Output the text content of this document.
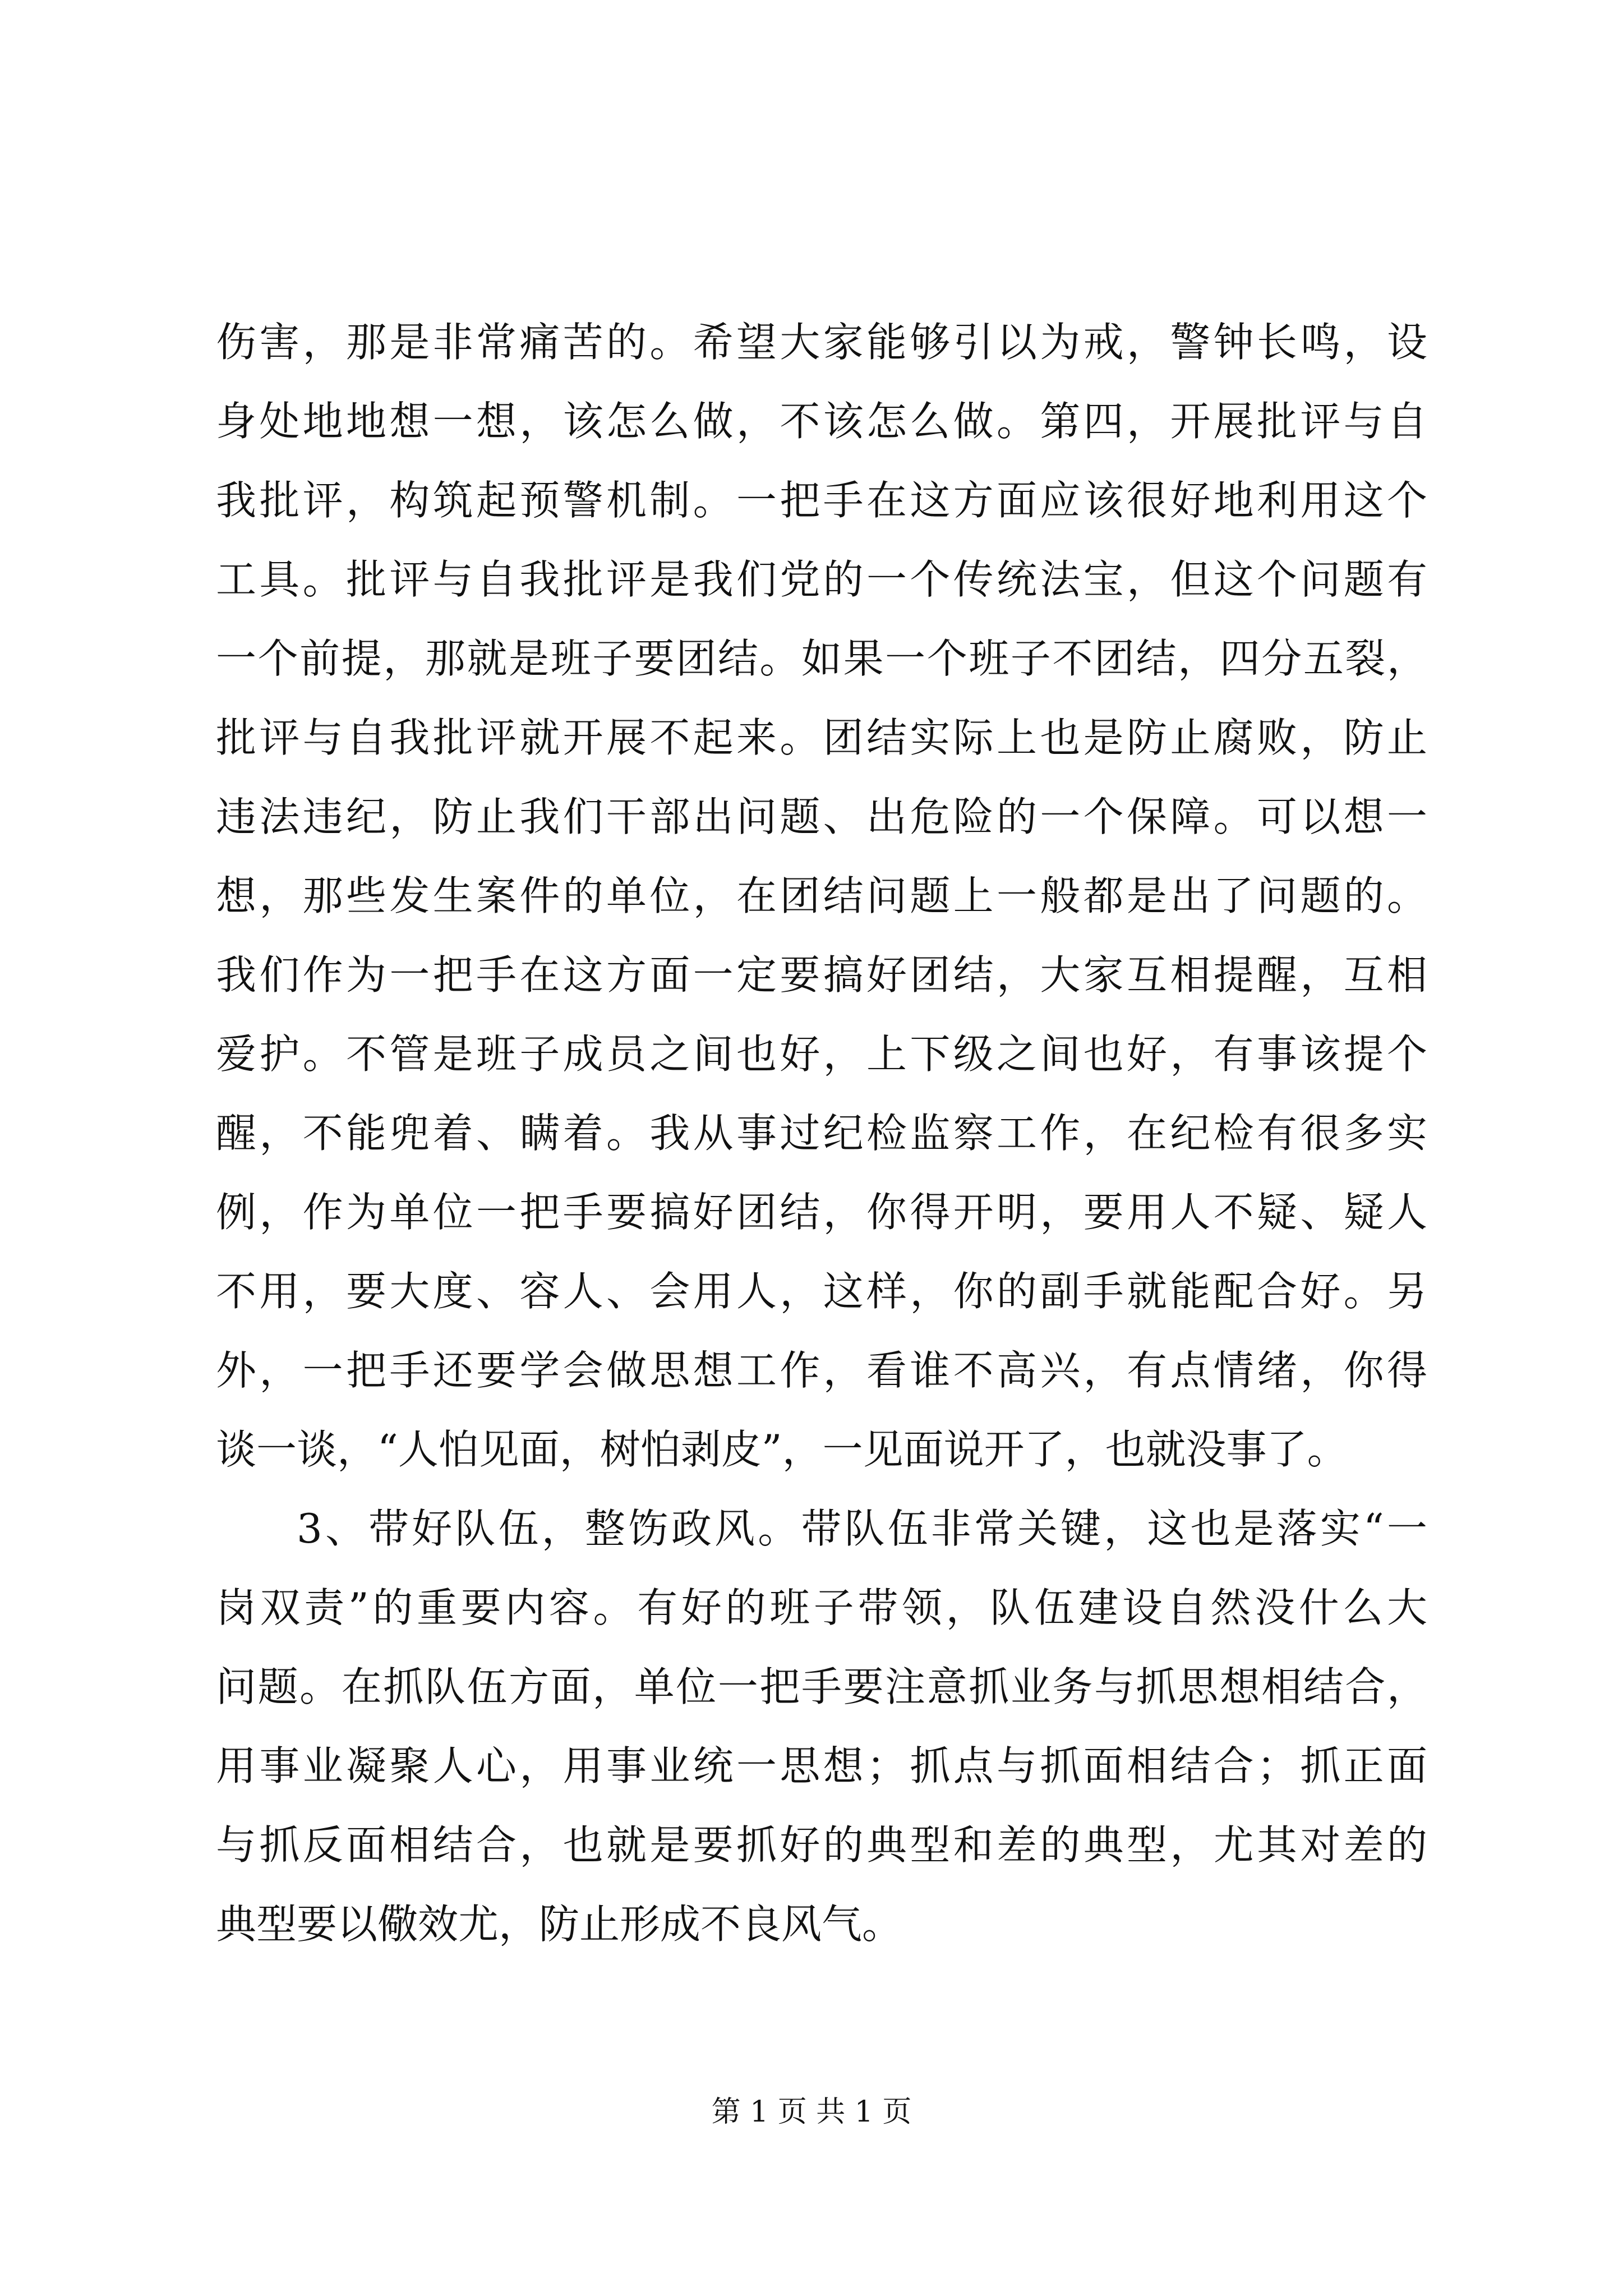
伤害，那是非常痛苦的。希望大家能够引以为戒，警钟长鸣，设
身处地地想一想，该怎么做，不该怎么做。第四，开展批评与自
我批评，构筑起预警机制。一把手在这方面应该很好地利用这个
工具。批评与自我批评是我们党的一个传统法宝，但这个问题有
一个前提，那就是班子要团结。如果一个班子不团结，四分五裂，
批评与自我批评就开展不起来。团结实际上也是防止腐败，防止
违法违纪，防止我们干部出问题、出危险的一个保障。可以想一
想，那些发生案件的单位，在团结问题上一般都是出了问题的。
我们作为一把手在这方面一定要搞好团结，大家互相提醒，互相
爱护。不管是班子成员之间也好，上下级之间也好，有事该提个
醒，不能兜着、瞒着。我从事过纪检监察工作，在纪检有很多实
例，作为单位一把手要搞好团结，你得开明，要用人不疑、疑人
不用，要大度、容人、会用人，这样，你的副手就能配合好。另
外，一把手还要学会做思想工作，看谁不高兴，有点情绪，你得
谈一谈，“人怕见面，树怕剥皮”，一见面说开了，也就没事了。
3、带好队伍，整饬政风。带队伍非常关键，这也是落实“一
岗双责”的重要内容。有好的班子带领，队伍建设自然没什么大
问题。在抓队伍方面，单位一把手要注意抓业务与抓思想相结合，
用事业凝聚人心，用事业统一思想；抓点与抓面相结合；抓正面
与抓反面相结合，也就是要抓好的典型和差的典型，尤其对差的
典型要以儆效尤，防止形成不良风气。
第 1 页 共 1 页
